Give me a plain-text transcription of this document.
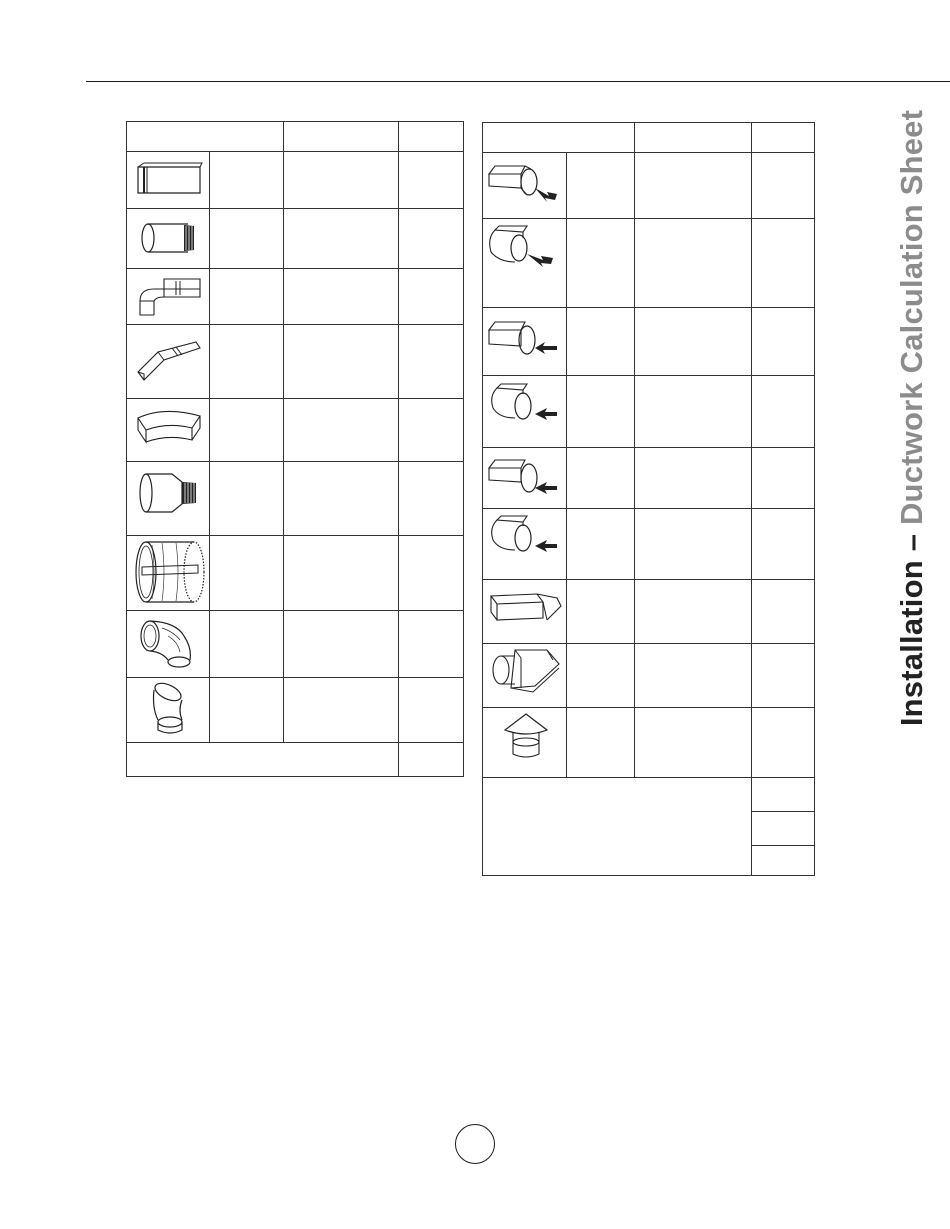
Installation – Ductwork Calculation Sheet
